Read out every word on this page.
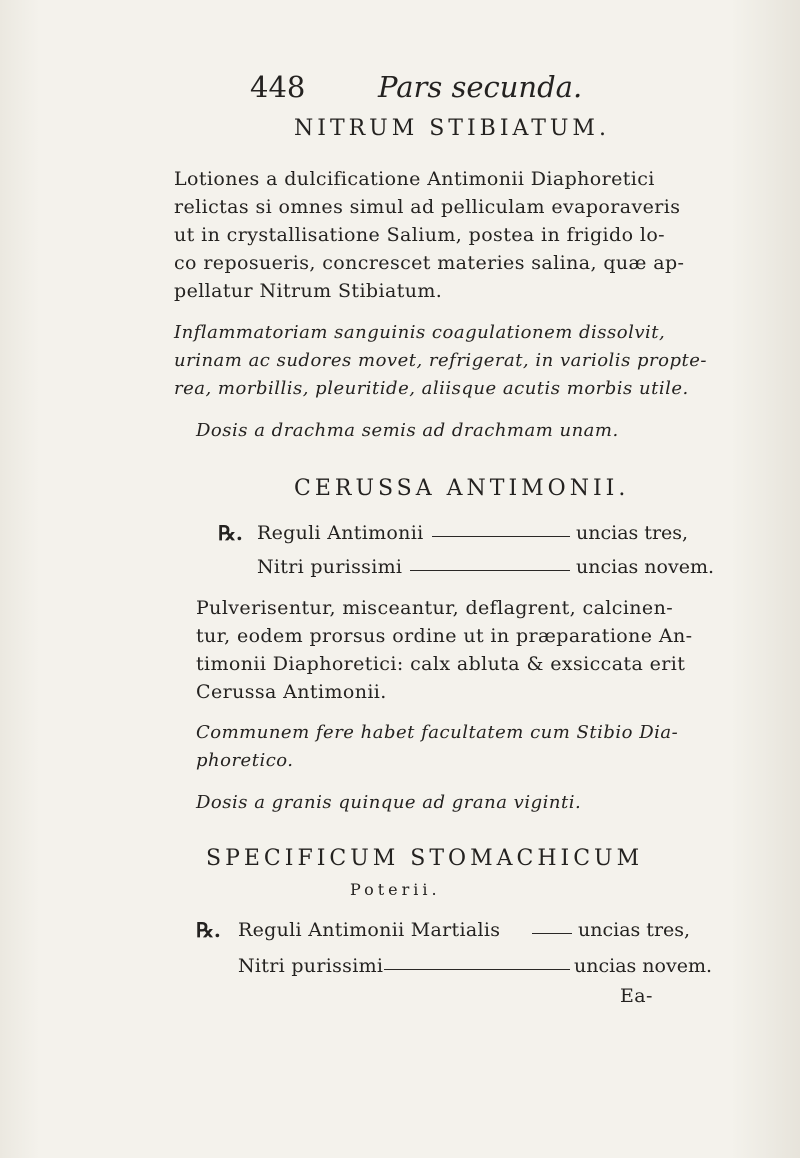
448	Pars secunda.
NITRUM STIBIATUM.
Lotiones a dulcificatione Antimonii Diaphoretici
relictas si omnes simul ad pelliculam evaporaveris
ut in crystallisatione Salium, postea in frigido lo-
co reposueris, concrescet materies salina, quæ ap-
pellatur Nitrum Stibiatum.
Inflammatoriam sanguinis coagulationem dissolvit,
urinam ac sudores movet, refrigerat, in variolis propte-
rea, morbillis, pleuritide, aliisque acutis morbis utile.
Dosis a drachma semis ad drachmam unam.
CERUSSA ANTIMONII.
℞. Reguli Antimonii	uncias tres,
Nitri purissimi	uncias novem.
Pulverisentur, misceantur, deflagrent, calcinen-
tur, eodem prorsus ordine ut in præparatione An-
timonii Diaphoretici: calx abluta & exsiccata erit
Cerussa Antimonii.
Communem fere habet facultatem cum Stibio Dia-
phoretico.
Dosis a granis quinque ad grana viginti.
SPECIFICUM STOMACHICUM
Poterii.
℞. Reguli Antimonii Martialis	uncias tres,
Nitri purissimi	uncias novem.
Ea-
